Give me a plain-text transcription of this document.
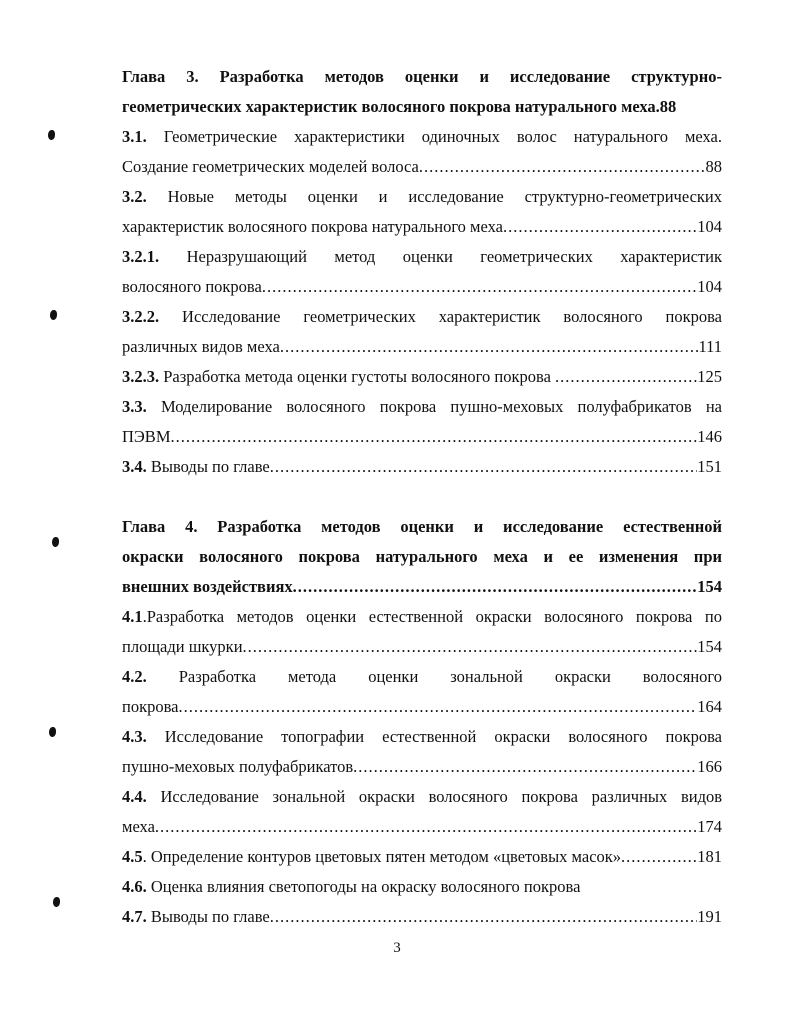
Глава 3. Разработка методов оценки и исследование структурно-
геометрических характеристик волосяного покрова натурального меха.88
3.1. Геометрические характеристики одиночных волос натурального меха.
Создание геометрических моделей волоса .....	88
3.2. Новые методы оценки и исследование структурно-геометрических
характеристик волосяного покрова натурального меха .....	104
3.2.1. Неразрушающий метод оценки геометрических характеристик
волосяного покрова .....	104
3.2.2. Исследование геометрических характеристик волосяного покрова
различных видов меха .....	111
3.2.3. Разработка метода оценки густоты волосяного покрова .....	125
3.3. Моделирование волосяного покрова пушно-меховых полуфабрикатов на
ПЭВМ .....	146
3.4. Выводы по главе .....	151
Глава 4. Разработка методов оценки и исследование естественной
окраски волосяного покрова натурального меха и ее изменения при
внешних воздействиях .....	154
4.1.Разработка методов оценки естественной окраски волосяного покрова по
площади шкурки .....	154
4.2. Разработка метода оценки зональной окраски волосяного
покрова .....	164
4.3. Исследование топографии естественной окраски волосяного покрова
пушно-меховых полуфабрикатов .....	166
4.4. Исследование зональной окраски волосяного покрова различных видов
меха .....	174
4.5. Определение контуров цветовых пятен методом «цветовых масок» .....	181
4.6. Оценка влияния светопогоды на окраску волосяного покрова
4.7. Выводы по главе .....	191
3
